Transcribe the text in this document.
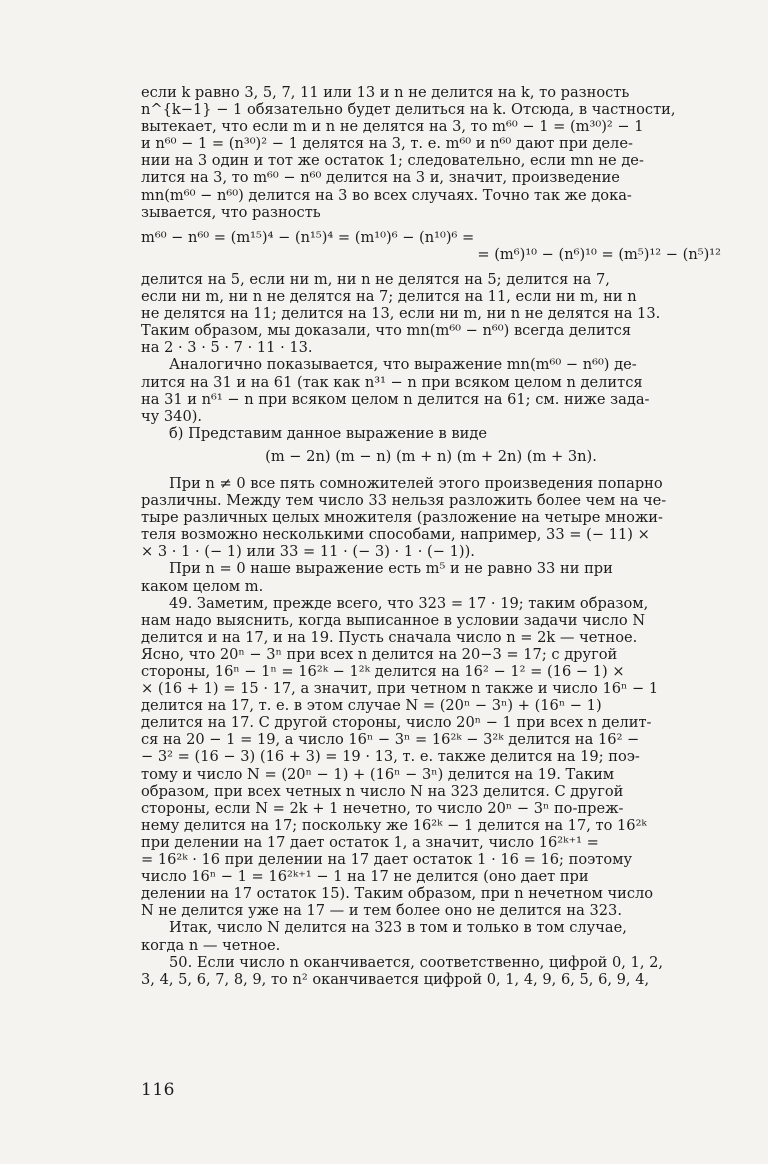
если k равно 3, 5, 7, 11 или 13 и n не делится на k, то разность

n^{k−1} − 1 обязательно будет делиться на k. Отсюда, в частности,

вытекает, что если m и n не делятся на 3, то m⁶⁰ − 1 = (m³⁰)² − 1

и n⁶⁰ − 1 = (n³⁰)² − 1 делятся на 3, т. е. m⁶⁰ и n⁶⁰ дают при деле-

нии на 3 один и тот же остаток 1; следовательно, если mn не де-

лится на 3, то m⁶⁰ − n⁶⁰ делится на 3 и, значит, произведение

mn(m⁶⁰ − n⁶⁰) делится на 3 во всех случаях. Точно так же дока-

зывается, что разность

m⁶⁰ − n⁶⁰ = (m¹⁵)⁴ − (n¹⁵)⁴ = (m¹⁰)⁶ − (n¹⁰)⁶ =

= (m⁶)¹⁰ − (n⁶)¹⁰ = (m⁵)¹² − (n⁵)¹²

делится на 5, если ни m, ни n не делятся на 5; делится на 7,

если ни m, ни n не делятся на 7; делится на 11, если ни m, ни n

не делятся на 11; делится на 13, если ни m, ни n не делятся на 13.

Таким образом, мы доказали, что mn(m⁶⁰ − n⁶⁰) всегда делится

на 2 · 3 · 5 · 7 · 11 · 13.

Аналогично показывается, что выражение mn(m⁶⁰ − n⁶⁰) де-

лится на 31 и на 61 (так как n³¹ − n при всяком целом n делится

на 31 и n⁶¹ − n при всяком целом n делится на 61; см. ниже зада-

чу 340).

б) Представим данное выражение в виде

(m − 2n) (m − n) (m + n) (m + 2n) (m + 3n).

При n ≠ 0 все пять сомножителей этого произведения попарно

различны. Между тем число 33 нельзя разложить более чем на че-

тыре различных целых множителя (разложение на четыре множи-

теля возможно несколькими способами, например, 33 = (− 11) ×

× 3 · 1 · (− 1) или 33 = 11 · (− 3) · 1 · (− 1)).

При n = 0 наше выражение есть m⁵ и не равно 33 ни при

каком целом m.

49. Заметим, прежде всего, что 323 = 17 · 19; таким образом,

нам надо выяснить, когда выписанное в условии задачи число N

делится и на 17, и на 19. Пусть сначала число n = 2k — четное.

Ясно, что 20ⁿ − 3ⁿ при всех n делится на 20−3 = 17; с другой

стороны, 16ⁿ − 1ⁿ = 16²ᵏ − 1²ᵏ делится на 16² − 1² = (16 − 1) ×

× (16 + 1) = 15 · 17, а значит, при четном n также и число 16ⁿ − 1

делится на 17, т. е. в этом случае N = (20ⁿ − 3ⁿ) + (16ⁿ − 1)

делится на 17. С другой стороны, число 20ⁿ − 1 при всех n делит-

ся на 20 − 1 = 19, а число 16ⁿ − 3ⁿ = 16²ᵏ − 3²ᵏ делится на 16² −

− 3² = (16 − 3) (16 + 3) = 19 · 13, т. е. также делится на 19; поэ-

тому и число N = (20ⁿ − 1) + (16ⁿ − 3ⁿ) делится на 19. Таким

образом, при всех четных n число N на 323 делится. С другой

стороны, если N = 2k + 1 нечетно, то число 20ⁿ − 3ⁿ по-преж-

нему делится на 17; поскольку же 16²ᵏ − 1 делится на 17, то 16²ᵏ

при делении на 17 дает остаток 1, а значит, число 16²ᵏ⁺¹ =

= 16²ᵏ · 16 при делении на 17 дает остаток 1 · 16 = 16; поэтому

число 16ⁿ − 1 = 16²ᵏ⁺¹ − 1 на 17 не делится (оно дает при

делении на 17 остаток 15). Таким образом, при n нечетном число

N не делится уже на 17 — и тем более оно не делится на 323.

Итак, число N делится на 323 в том и только в том случае,

когда n — четное.

50. Если число n оканчивается, соответственно, цифрой 0, 1, 2,

3, 4, 5, 6, 7, 8, 9, то n² оканчивается цифрой 0, 1, 4, 9, 6, 5, 6, 9, 4,

116
